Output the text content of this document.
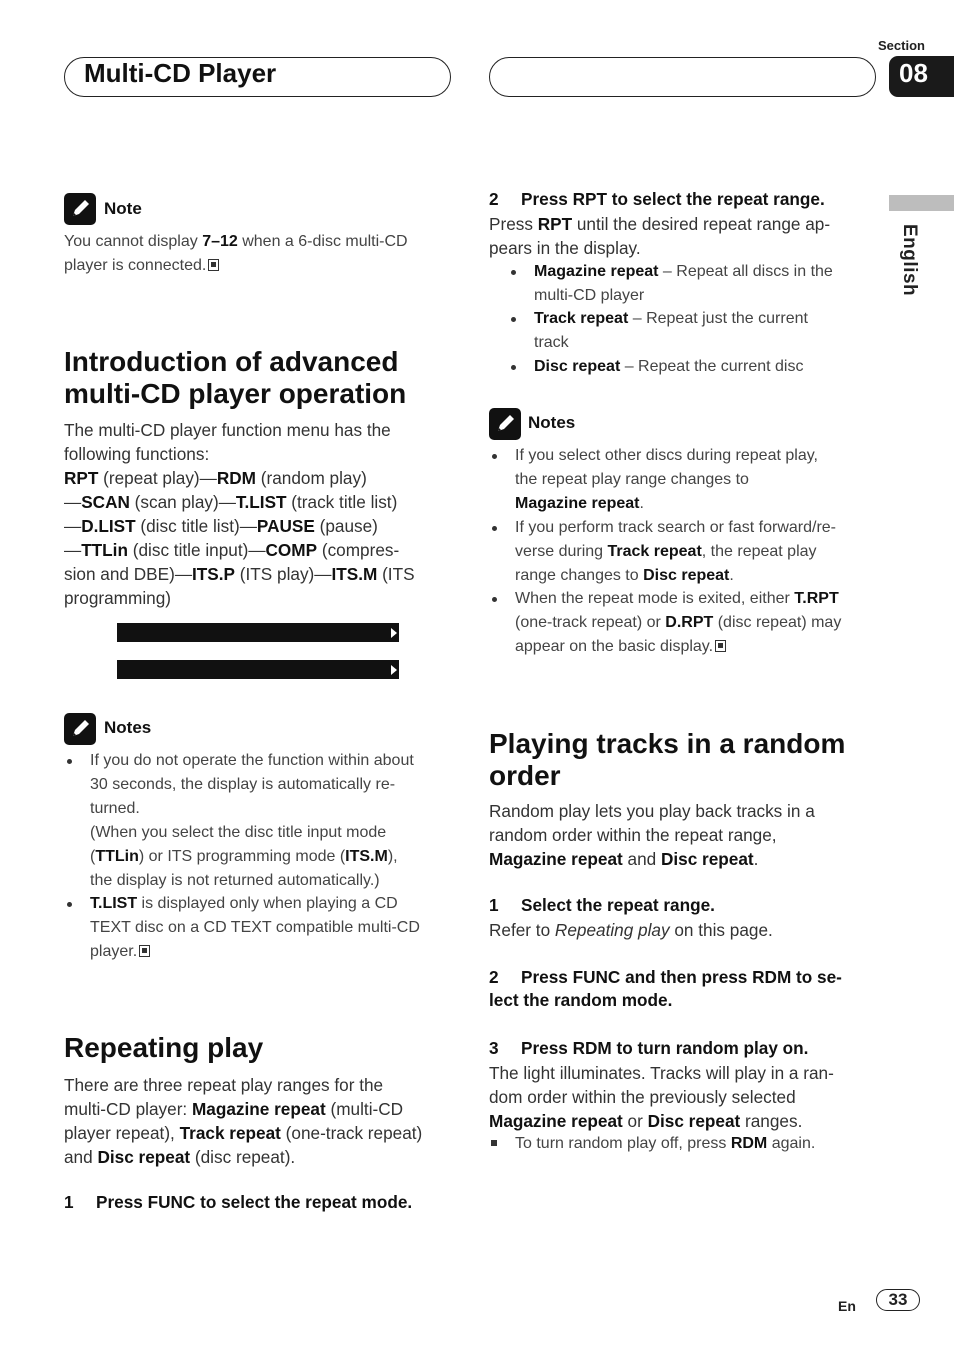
Multi-CD Player
Section
08
English
Note
You cannot display 7–12 when a 6-disc multi-CD player is connected.
Introduction of advanced
multi-CD player operation
The multi-CD player function menu has the
following functions:
RPT (repeat play)—RDM (random play)
—SCAN (scan play)—T.LIST (track title list)
—D.LIST (disc title list)—PAUSE (pause)
—TTLin (disc title input)—COMP (compres-
sion and DBE)—ITS.P (ITS play)—ITS.M (ITS
programming)

RPT  RDM  SCAN T.LIST D.LIST PAUSE

TTLin COMP  ITS.P  ITS.M

Notes
If you do not operate the function within about
30 seconds, the display is automatically re-
turned.
(When you select the disc title input mode
(TTLin) or ITS programming mode (ITS.M),
the display is not returned automatically.)
T.LIST is displayed only when playing a CD
TEXT disc on a CD TEXT compatible multi-CD
player.
Repeating play
There are three repeat play ranges for the
multi-CD player: Magazine repeat (multi-CD
player repeat), Track repeat (one-track repeat)
and Disc repeat (disc repeat).
1 Press FUNC to select the repeat mode.
2 Press RPT to select the repeat range.
Press RPT until the desired repeat range ap-
pears in the display.
Magazine repeat – Repeat all discs in the
multi-CD player
Track repeat – Repeat just the current
track
Disc repeat – Repeat the current disc
Notes
If you select other discs during repeat play,
the repeat play range changes to
Magazine repeat.
If you perform track search or fast forward/re-
verse during Track repeat, the repeat play
range changes to Disc repeat.
When the repeat mode is exited, either T.RPT
(one-track repeat) or D.RPT (disc repeat) may
appear on the basic display.
Playing tracks in a random
order
Random play lets you play back tracks in a
random order within the repeat range,
Magazine repeat and Disc repeat.
1 Select the repeat range.
Refer to Repeating play on this page.
2 Press FUNC and then press RDM to se-
lect the random mode.
3 Press RDM to turn random play on.
The light illuminates. Tracks will play in a ran-
dom order within the previously selected
Magazine repeat or Disc repeat ranges.
To turn random play off, press RDM again.
En	33
